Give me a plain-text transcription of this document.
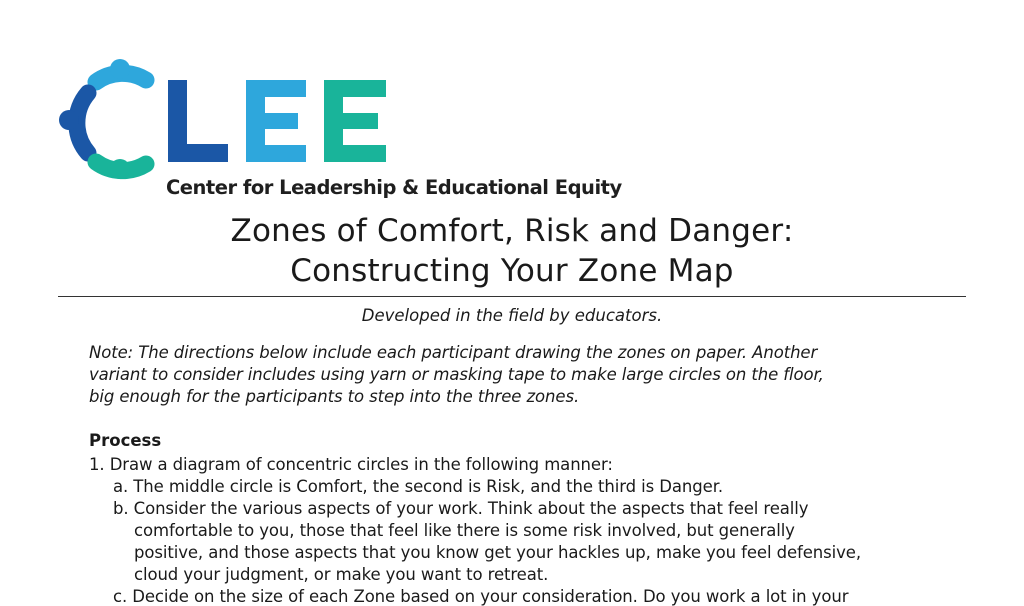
Center for Leadership & Educational Equity
Zones of Comfort, Risk and Danger:
Constructing Your Zone Map
Developed in the field by educators.
Note: The directions below include each participant drawing the zones on paper. Another
variant to consider includes using yarn or masking tape to make large circles on the floor,
big enough for the participants to step into the three zones.
Process
1. Draw a diagram of concentric circles in the following manner:
a. The middle circle is Comfort, the second is Risk, and the third is Danger.
b. Consider the various aspects of your work. Think about the aspects that feel really
comfortable to you, those that feel like there is some risk involved, but generally
positive, and those aspects that you know get your hackles up, make you feel defensive,
cloud your judgment, or make you want to retreat.
c. Decide on the size of each Zone based on your consideration. Do you work a lot in your
